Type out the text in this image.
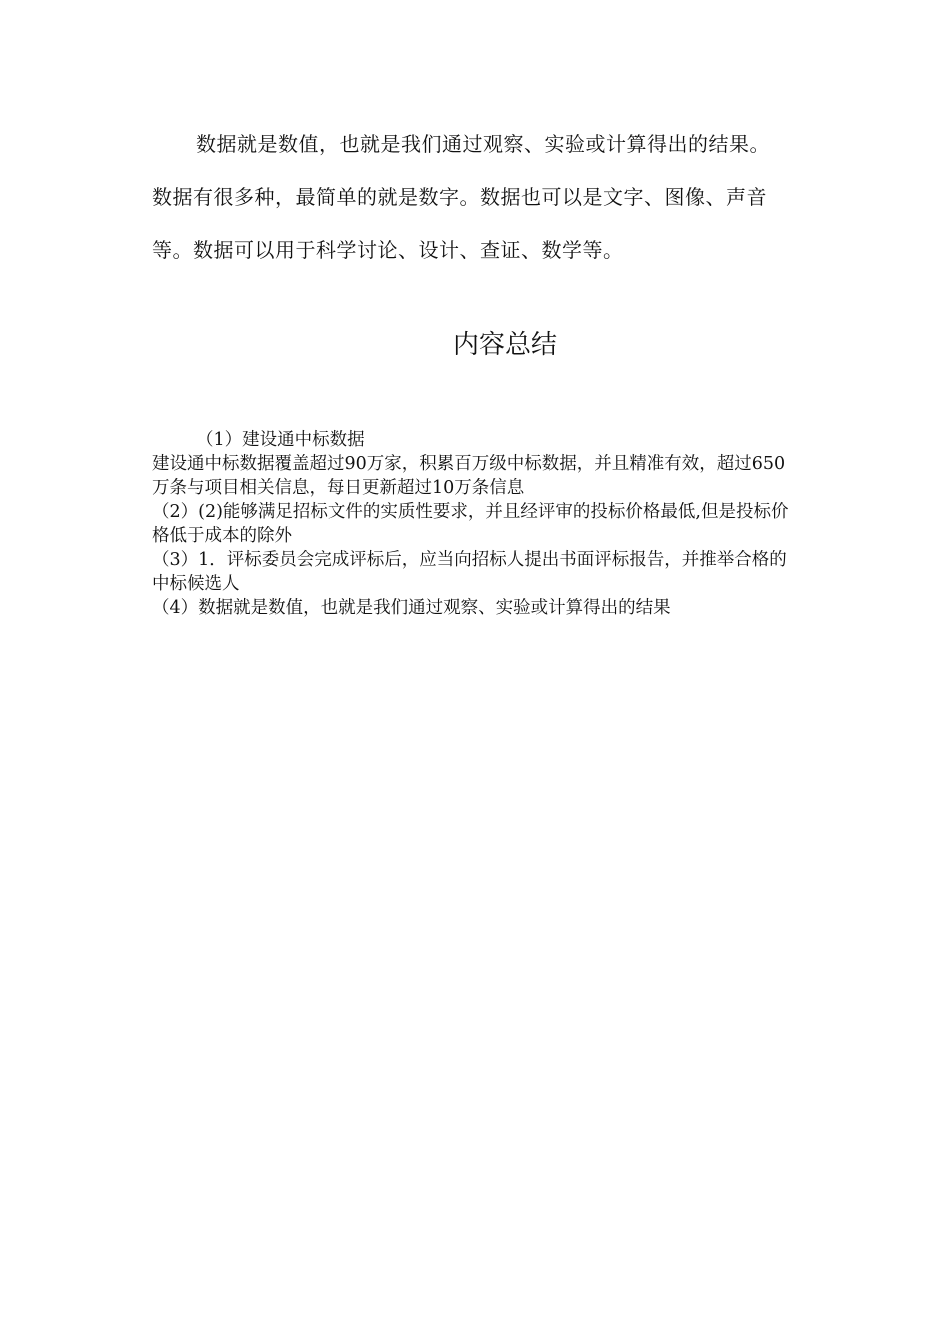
数据就是数值，也就是我们通过观察、实验或计算得出的结果。数据有很多种，最简单的就是数字。数据也可以是文字、图像、声音等。数据可以用于科学讨论、设计、查证、数学等。

内容总结

（1）建设通中标数据

建设通中标数据覆盖超过90万家，积累百万级中标数据，并且精准有效，超过650万条与项目相关信息，每日更新超过10万条信息

（2）(2)能够满足招标文件的实质性要求，并且经评审的投标价格最低,但是投标价格低于成本的除外

（3）1．评标委员会完成评标后，应当向招标人提出书面评标报告，并推举合格的中标候选人

（4）数据就是数值，也就是我们通过观察、实验或计算得出的结果
